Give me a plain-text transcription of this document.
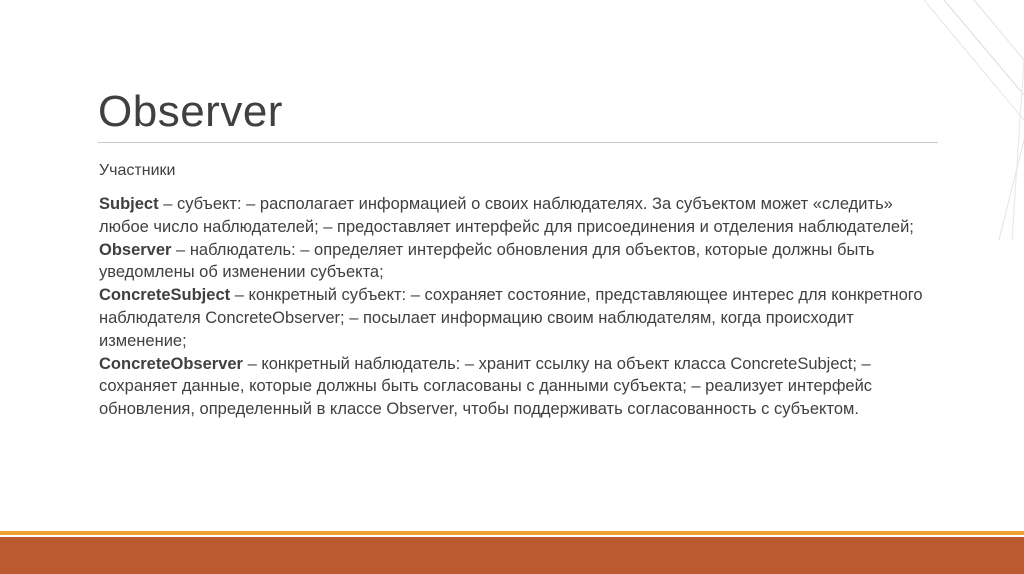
Observer
Участники

Subject – субъект: – располагает информацией о своих наблюдателях. За субъектом может «следить» любое число наблюдателей; – предоставляет интерфейс для присоединения и отделения наблюдателей;

Observer – наблюдатель: – определяет интерфейс обновления для объектов, которые должны быть уведомлены об изменении субъекта;

ConcreteSubject – конкретный субъект: – сохраняет состояние, представляющее интерес для конкретного наблюдателя ConcreteObserver; – посылает информацию своим наблюдателям, когда происходит изменение;

ConcreteObserver – конкретный наблюдатель: – хранит ссылку на объект класса ConcreteSubject; – сохраняет данные, которые должны быть согласованы с данными субъекта; – реализует интерфейс обновления, определенный в классе Observer, чтобы поддерживать согласованность с субъектом.
